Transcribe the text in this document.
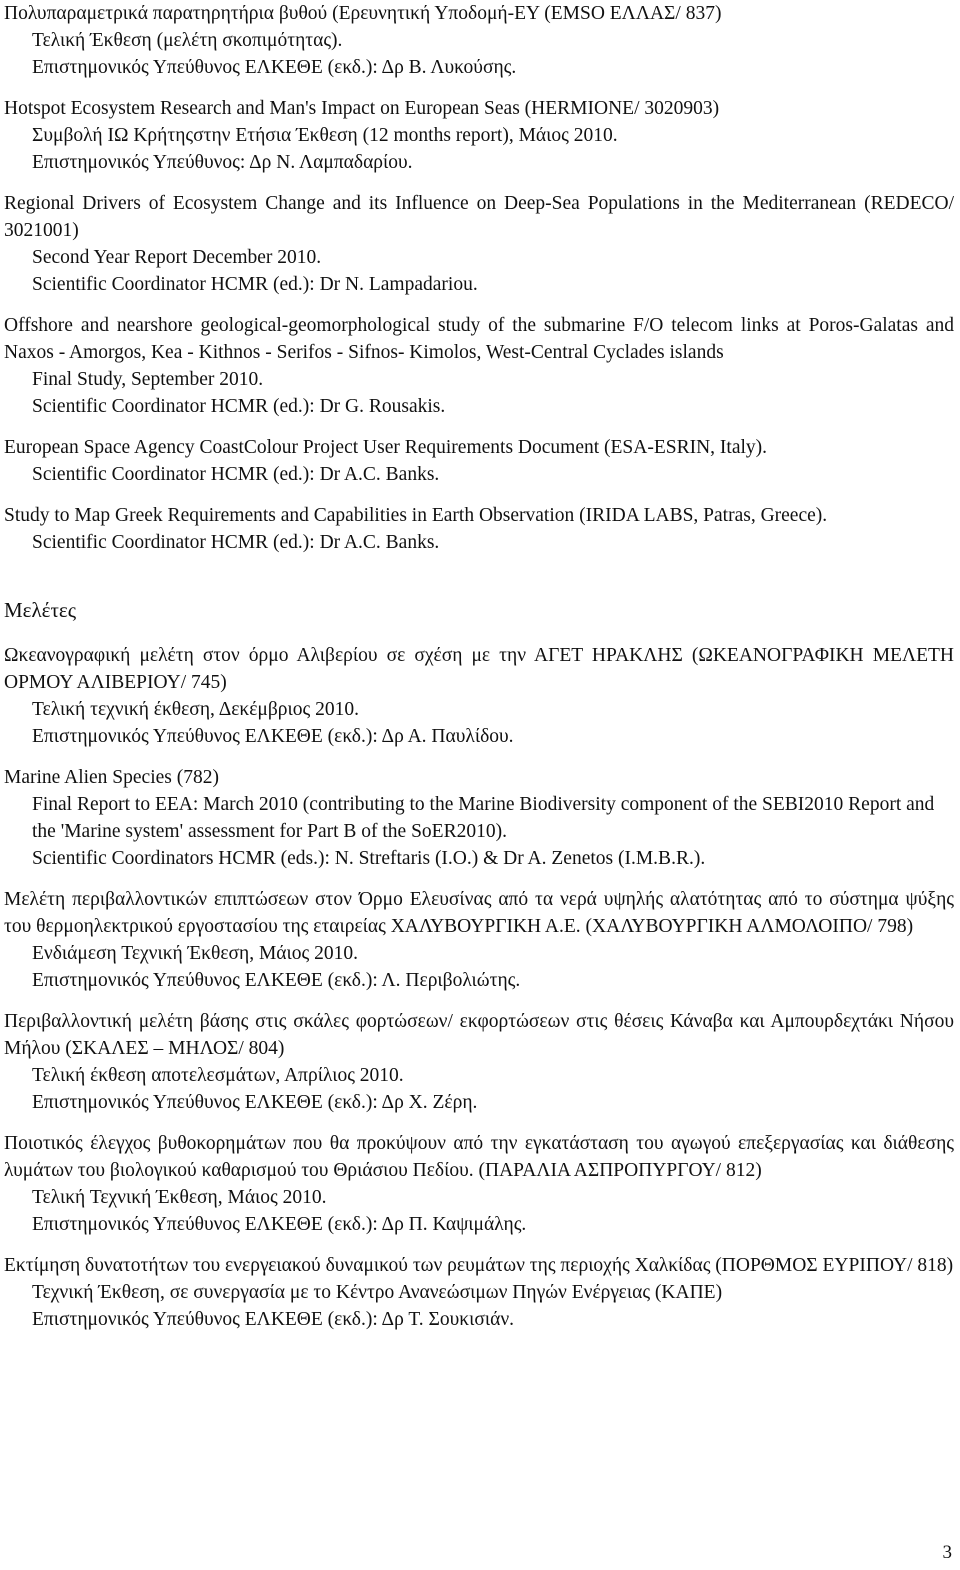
Πολυπαραμετρικά παρατηρητήρια βυθού (Ερευνητική Υποδομή-ΕΥ (EMSO ΕΛΛΑΣ/ 837)
Τελική Έκθεση (μελέτη σκοπιμότητας).
Επιστημονικός Υπεύθυνος ΕΛΚΕΘΕ (εκδ.): Δρ Β. Λυκούσης.
Hotspot Ecosystem Research and Man's Impact on European Seas (HERMIONE/ 3020903)
Συμβολή ΙΩ Κρήτηςστην Ετήσια Έκθεση (12 months report), Μάιος 2010.
Επιστημονικός Υπεύθυνος: Δρ Ν. Λαμπαδαρίου.
Regional Drivers of Ecosystem Change and its Influence on Deep-Sea Populations in the Mediterranean (REDECO/ 3021001)
Second Year Report December 2010.
Scientific Coordinator HCMR (ed.): Dr N. Lampadariou.
Offshore and nearshore geological-geomorphological study of the submarine F/O telecom links at Poros-Galatas and Naxos - Amorgos, Kea - Kithnos - Serifos - Sifnos- Kimolos, West-Central Cyclades islands
Final Study, September 2010.
Scientific Coordinator HCMR (ed.): Dr G. Rousakis.
European Space Agency CoastColour Project User Requirements Document (ESA-ESRIN, Italy).
Scientific Coordinator HCMR (ed.): Dr A.C. Banks.
Study to Map Greek Requirements and Capabilities in Earth Observation (IRIDA LABS, Patras, Greece).
Scientific Coordinator HCMR (ed.): Dr A.C. Banks.
Μελέτες
Ωκεανογραφική μελέτη στον όρμο Αλιβερίου σε σχέση με την ΑΓΕΤ ΗΡΑΚΛΗΣ (ΩΚΕΑΝΟΓΡΑΦΙΚΗ ΜΕΛΕΤΗ ΟΡΜΟΥ ΑΛΙΒΕΡΙΟΥ/ 745)
Τελική τεχνική έκθεση, Δεκέμβριος 2010.
Επιστημονικός Υπεύθυνος ΕΛΚΕΘΕ (εκδ.): Δρ Α. Παυλίδου.
Marine Alien Species (782)
Final Report to EEA: March 2010 (contributing to the Marine Biodiversity component of the SEBI2010 Report and the 'Marine system' assessment for Part B of the SoER2010).
Scientific Coordinators HCMR (eds.): N. Streftaris (I.O.) & Dr A. Zenetos (I.M.B.R.).
Μελέτη περιβαλλοντικών επιπτώσεων στον Όρμο Ελευσίνας από τα νερά υψηλής αλατότητας από το σύστημα ψύξης του θερμοηλεκτρικού εργοστασίου της εταιρείας ΧΑΛΥΒΟΥΡΓΙΚΗ Α.Ε. (ΧΑΛΥΒΟΥΡΓΙΚΗ ΑΛΜΟΛΟΙΠΟ/ 798)
Ενδιάμεση Τεχνική Έκθεση, Μάιος 2010.
Επιστημονικός Υπεύθυνος ΕΛΚΕΘΕ (εκδ.): Λ. Περιβολιώτης.
Περιβαλλοντική μελέτη βάσης στις σκάλες φορτώσεων/ εκφορτώσεων στις θέσεις Κάναβα και Αμπουρδεχτάκι Νήσου Μήλου (ΣΚΑΛΕΣ – ΜΗΛΟΣ/ 804)
Τελική έκθεση αποτελεσμάτων, Απρίλιος 2010.
Επιστημονικός Υπεύθυνος ΕΛΚΕΘΕ (εκδ.): Δρ Χ. Ζέρη.
Ποιοτικός έλεγχος βυθοκορημάτων που θα προκύψουν από την εγκατάσταση του αγωγού επεξεργασίας και διάθεσης λυμάτων του βιολογικού καθαρισμού του Θριάσιου Πεδίου. (ΠΑΡΑΛΙΑ ΑΣΠΡΟΠΥΡΓΟΥ/ 812)
Τελική Τεχνική Έκθεση, Μάιος 2010.
Επιστημονικός Υπεύθυνος ΕΛΚΕΘΕ (εκδ.): Δρ Π. Καψιμάλης.
Εκτίμηση δυνατοτήτων του ενεργειακού δυναμικού των ρευμάτων της περιοχής Χαλκίδας (ΠΟΡΘΜΟΣ ΕΥΡΙΠΟΥ/ 818)
Τεχνική Έκθεση, σε συνεργασία με το Κέντρο Ανανεώσιμων Πηγών Ενέργειας (ΚΑΠΕ)
Επιστημονικός Υπεύθυνος ΕΛΚΕΘΕ (εκδ.): Δρ Τ. Σουκισιάν.
3
